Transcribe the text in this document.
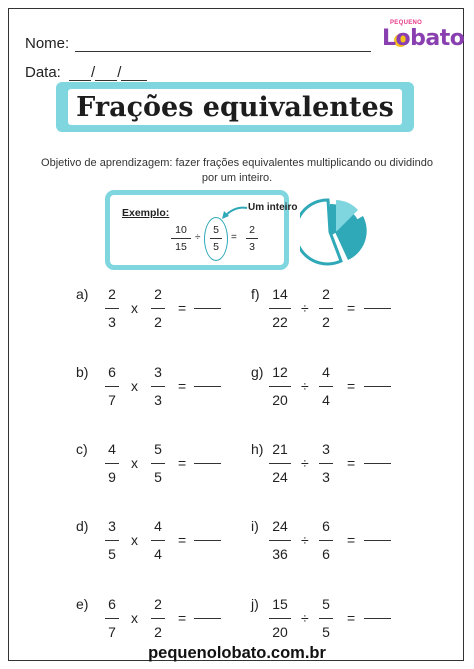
Nome:
Data: / /
PEQUENO
Lobato
Frações equivalentes
Objetivo de aprendizagem: fazer frações equivalentes multiplicando ou dividindo por um inteiro.
Exemplo:	Um inteiro
10
15
÷
5
5
=
2
3
a) 2
3
x
2
2
=
b) 6
7
x
3
3
=
c) 4
9
x
5
5
=
d) 3
5
x
4
4
=
e) 6
7
x
2
2
=
f) 14
22
÷
2
2
=
g) 12
20
÷
4
4
=
h) 21
24
÷
3
3
=
i) 24
36
÷
6
6
=
j) 15
20
÷
5
5
=
pequenolobato.com.br
